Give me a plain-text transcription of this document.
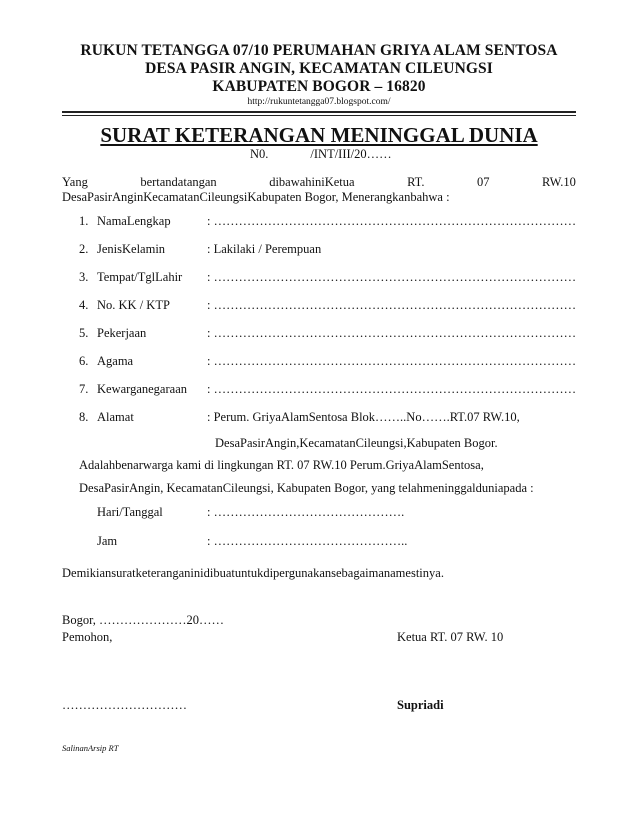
RUKUN TETANGGA 07/10 PERUMAHAN GRIYA ALAM SENTOSA
DESA PASIR ANGIN, KECAMATAN CILEUNGSI
KABUPATEN BOGOR – 16820
http://rukuntetangga07.blogspot.com/
SURAT KETERANGAN MENINGGAL DUNIA
N0.	/INT/III/20……
Yang	bertandatangan	dibawahiniKetua	RT.	07	RW.10
DesaPasirAnginKecamatanCileungsiKabupaten Bogor, Menerangkanbahwa :
1. NamaLengkap	: ……………………………………………………………………………
2. JenisKelamin	: Lakilaki / Perempuan
3. Tempat/TglLahir : ……………………………………………………………………………
4. No. KK / KTP	: ……………………………………………………………………………
5. Pekerjaan	: ……………………………………………………………………………
6. Agama	: ……………………………………………………………………………
7. Kewarganegaraan : ……………………………………………………………………………
8. Alamat	: Perum. GriyaAlamSentosa Blok……..No…….RT.07 RW.10,
DesaPasirAngin,KecamatanCileungsi,Kabupaten Bogor.
Adalahbenarwarga kami di lingkungan RT. 07 RW.10 Perum.GriyaAlamSentosa,
DesaPasirAngin, KecamatanCileungsi, Kabupaten Bogor, yang telahmeninggalduniapada :
Hari/Tanggal	: ……………………………………….
Jam	: ………………………………………..
Demikiansuratketeranganinidibuatuntukdipergunakansebagaimanamestinya.
Bogor, …………………20……
Pemohon,	Ketua RT. 07 RW. 10
…………………………	Supriadi
SalinanArsip RT
